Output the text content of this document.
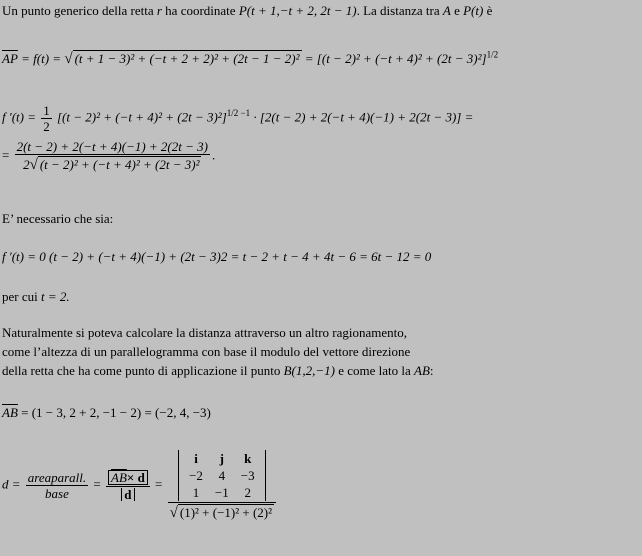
Un punto generico della retta r ha coordinate P(t + 1,−t + 2, 2t − 1). La distanza tra A e P(t) è
$\overline{AP} = f(t)$ = √ $(t + 1 - 3)^2 + (-t + 2 + 2)^2 + (2t - 1 - 2)^2 = [(t - 2)^2 + (-t + 4)^2 + (2t - 3)^2]^{1/2}$
f $'(t) = \frac{1}{2} [(t - 2)^2 + (-t + 4)^2 + (2t - 3)^2]^{1/2 -1} \cdot [2(t - 2) + 2(-t + 4)(-1) + 2(2t - 3)]$ =
= $\frac{2(t - 2) + 2(-t + 4)(-1) + 2(2t - 3)}{\text{2√ (t − 2)² + (−t + 4)² + (2t − 3)²}}$ .
E’ necessario che sia:
f ′(t) = 0 (t − 2) + (−t + 4)(−1) + (2t − 3)2 = t − 2 + t − 4 + 4t − 6 = 6t − 12 = 0
per cui t = 2.
Naturalmente si poteva calcolare la distanza attraverso un altro ragionamento,
come l’altezza di un parallelogramma con base il modulo del vettore direzione
della retta che ha come punto di applicazione il punto B(1,2,−1) e come lato la AB:
$\overline{AB} = (1 - 3$, 2 + 2, −1 − 2) = (−2, 4, −3)
$d = \frac{\text{areaparall.}}{\text{base}} = \frac{\overline{AB}\times d}{d}$ =
i	j	k
−2	4	−3
1	−1	2
√ (1)² + (−1)² + (2)²
